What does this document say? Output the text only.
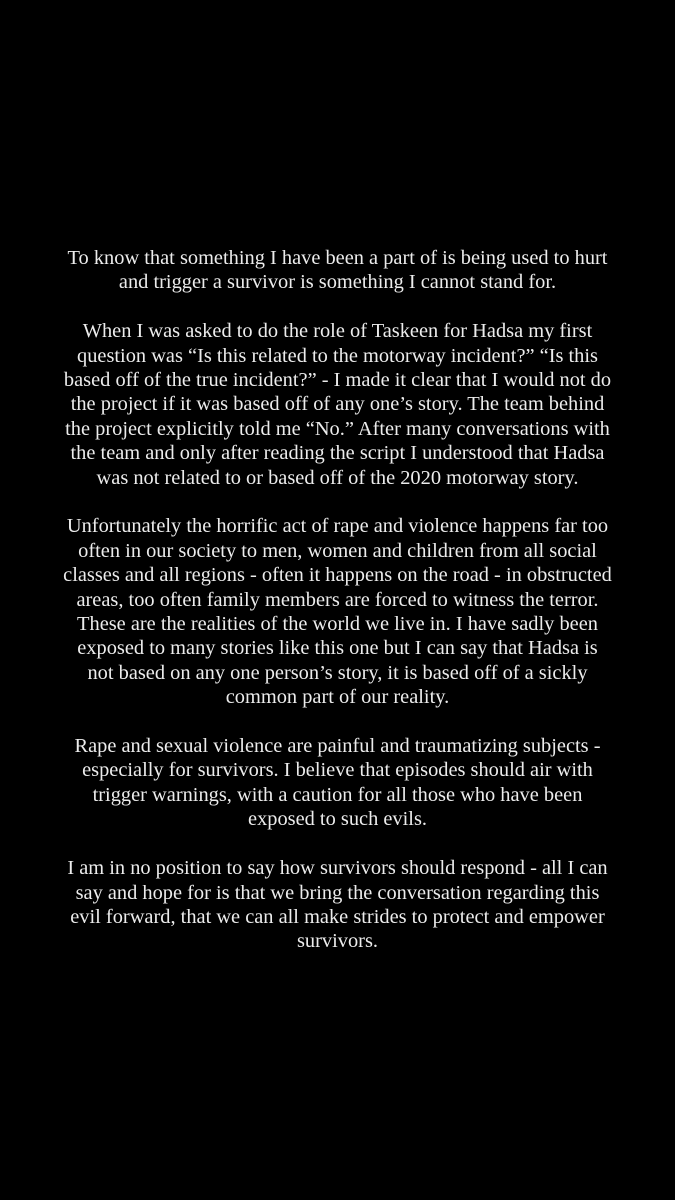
To know that something I have been a part of is being used to hurt
and trigger a survivor is something I cannot stand for.

When I was asked to do the role of Taskeen for Hadsa my first
question was “Is this related to the motorway incident?” “Is this
based off of the true incident?” - I made it clear that I would not do
the project if it was based off of any one’s story. The team behind
the project explicitly told me “No.” After many conversations with
the team and only after reading the script I understood that Hadsa
was not related to or based off of the 2020 motorway story.

Unfortunately the horrific act of rape and violence happens far too
often in our society to men, women and children from all social
classes and all regions - often it happens on the road - in obstructed
areas, too often family members are forced to witness the terror.
These are the realities of the world we live in. I have sadly been
exposed to many stories like this one but I can say that Hadsa is
not based on any one person’s story, it is based off of a sickly
common part of our reality.

Rape and sexual violence are painful and traumatizing subjects -
especially for survivors. I believe that episodes should air with
trigger warnings, with a caution for all those who have been
exposed to such evils.

I am in no position to say how survivors should respond - all I can
say and hope for is that we bring the conversation regarding this
evil forward, that we can all make strides to protect and empower
survivors.
